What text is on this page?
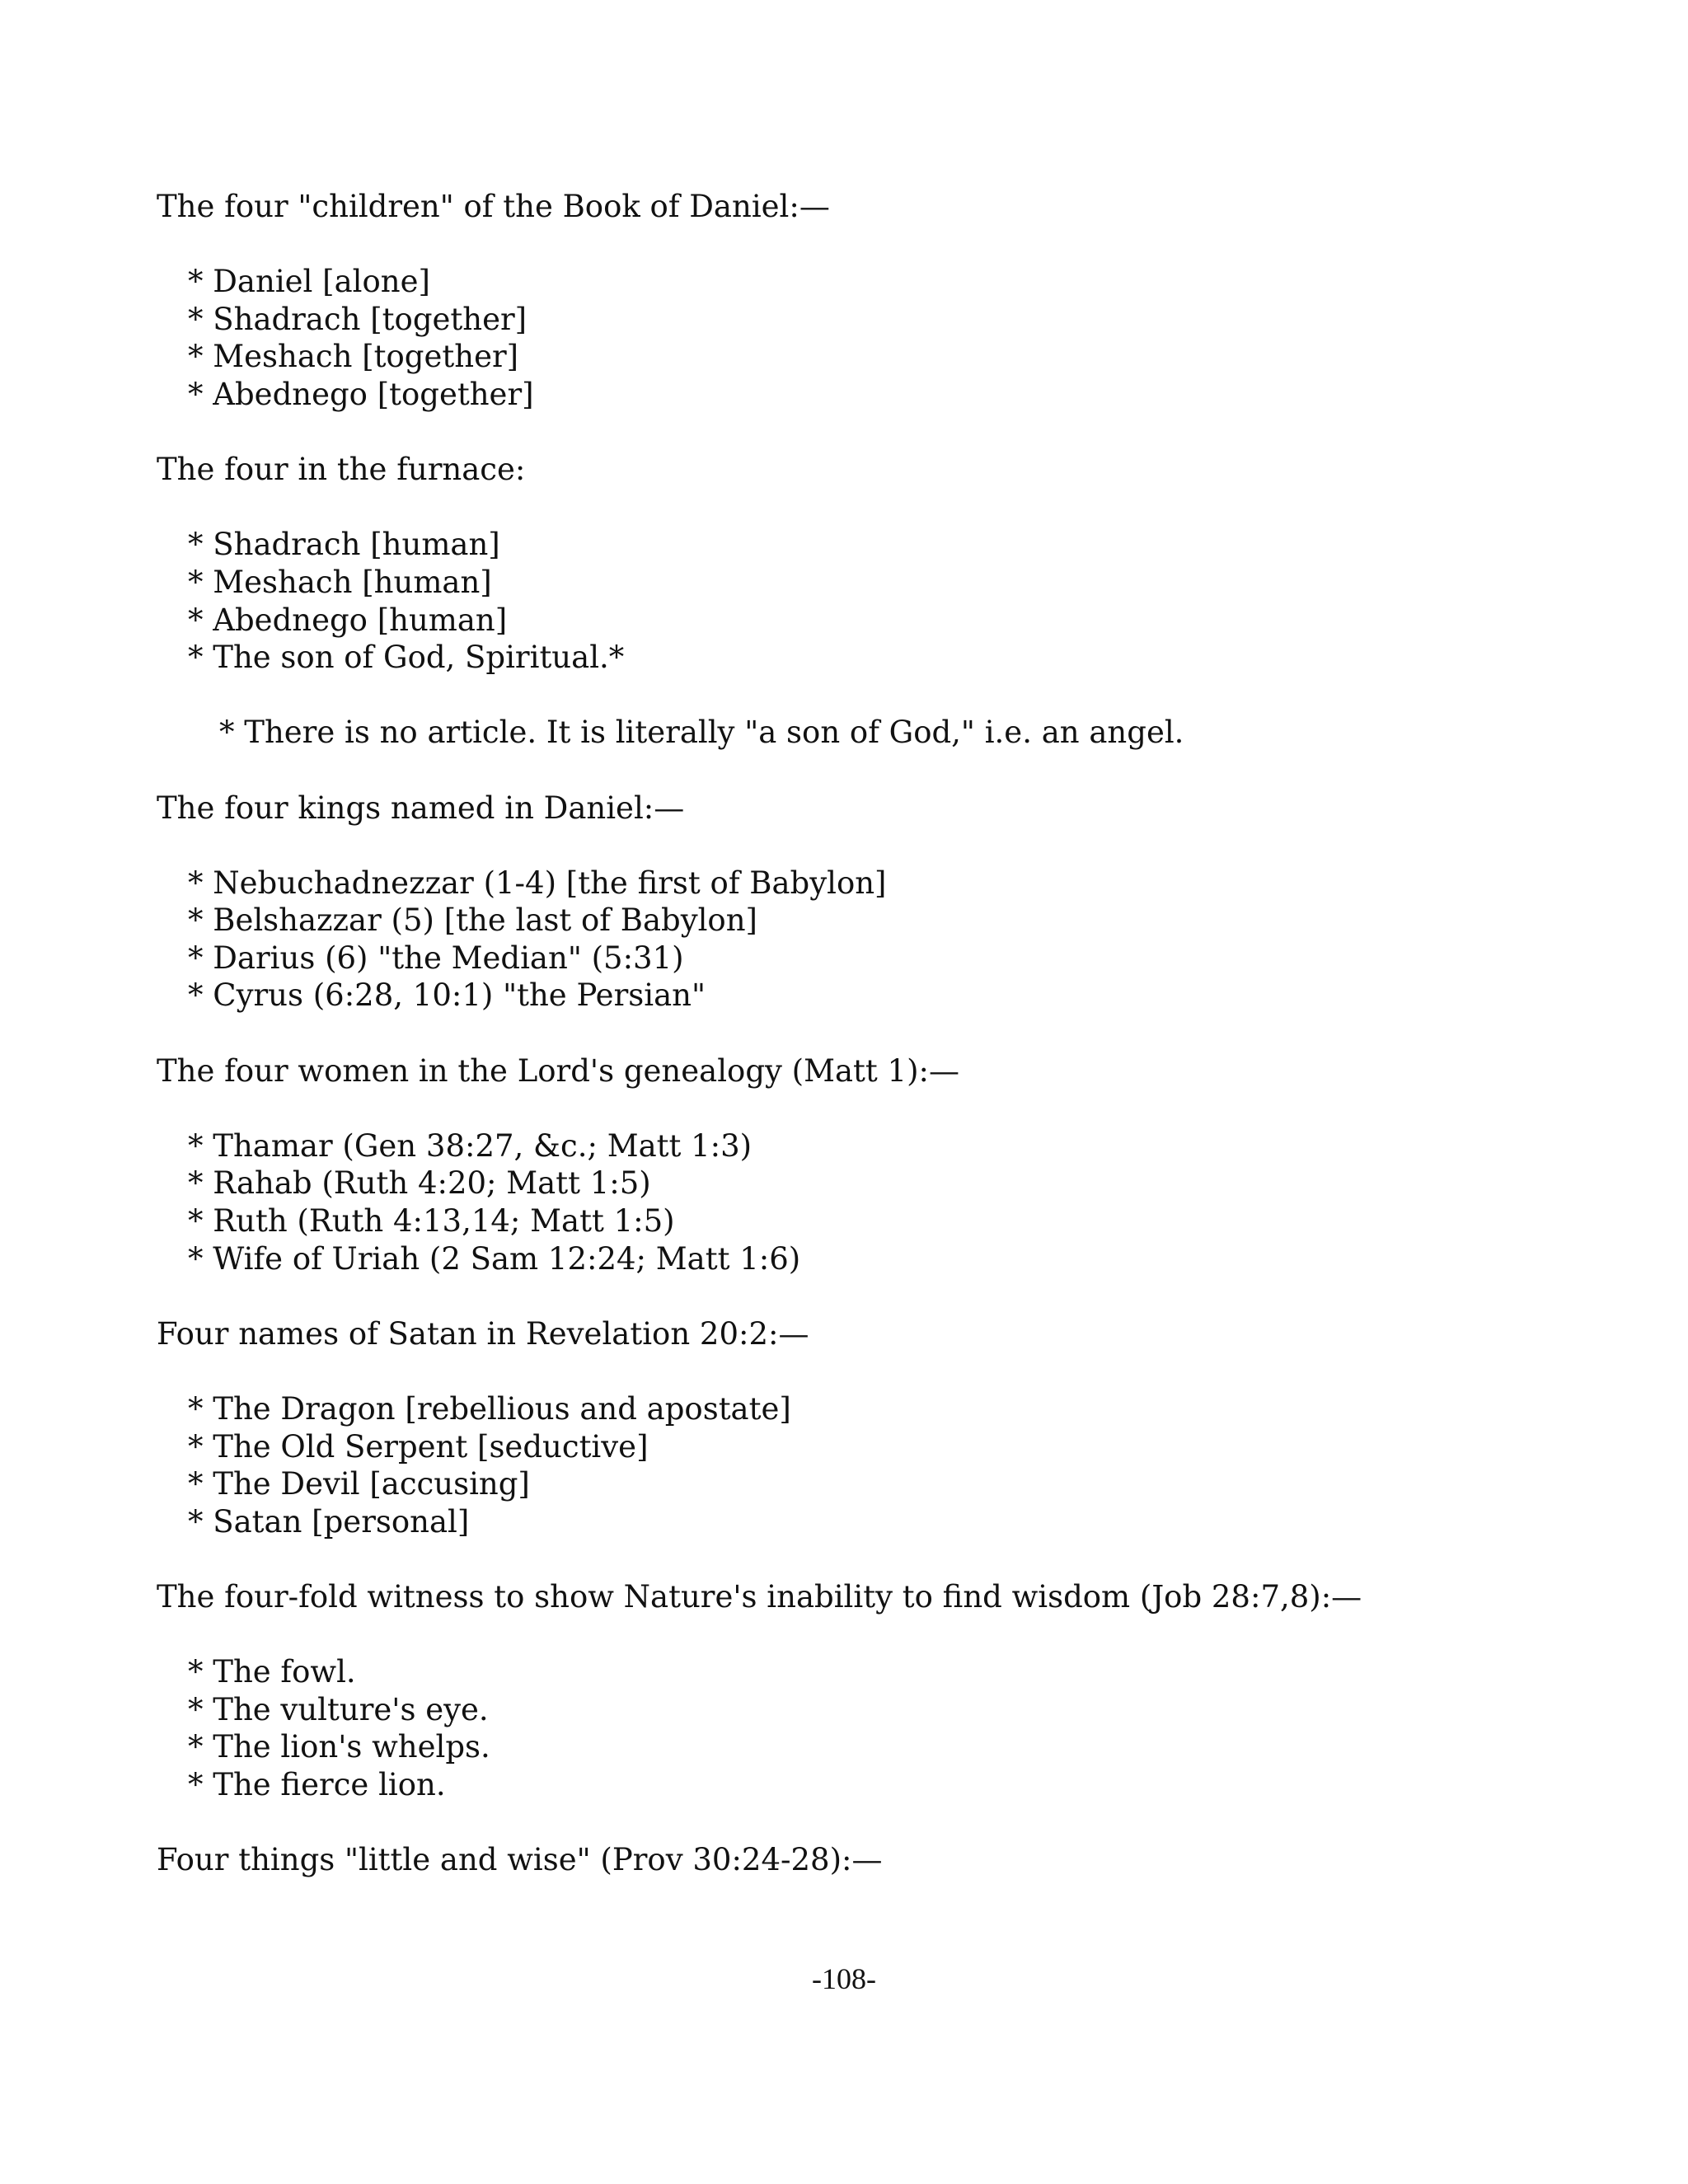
The four "children" of the Book of Daniel:—

* Daniel [alone]
* Shadrach [together]
* Meshach [together]
* Abednego [together]

The four in the furnace:

* Shadrach [human]
* Meshach [human]
* Abednego [human]
* The son of God, Spiritual.*

* There is no article. It is literally "a son of God," i.e. an angel.

The four kings named in Daniel:—

* Nebuchadnezzar (1-4) [the first of Babylon]
* Belshazzar (5) [the last of Babylon]
* Darius (6) "the Median" (5:31)
* Cyrus (6:28, 10:1) "the Persian"

The four women in the Lord's genealogy (Matt 1):—

* Thamar (Gen 38:27, &c.; Matt 1:3)
* Rahab (Ruth 4:20; Matt 1:5)
* Ruth (Ruth 4:13,14; Matt 1:5)
* Wife of Uriah (2 Sam 12:24; Matt 1:6)

Four names of Satan in Revelation 20:2:—

* The Dragon [rebellious and apostate]
* The Old Serpent [seductive]
* The Devil [accusing]
* Satan [personal]

The four-fold witness to show Nature's inability to find wisdom (Job 28:7,8):—

* The fowl.
* The vulture's eye.
* The lion's whelps.
* The fierce lion.

Four things "little and wise" (Prov 30:24-28):—

-108-
